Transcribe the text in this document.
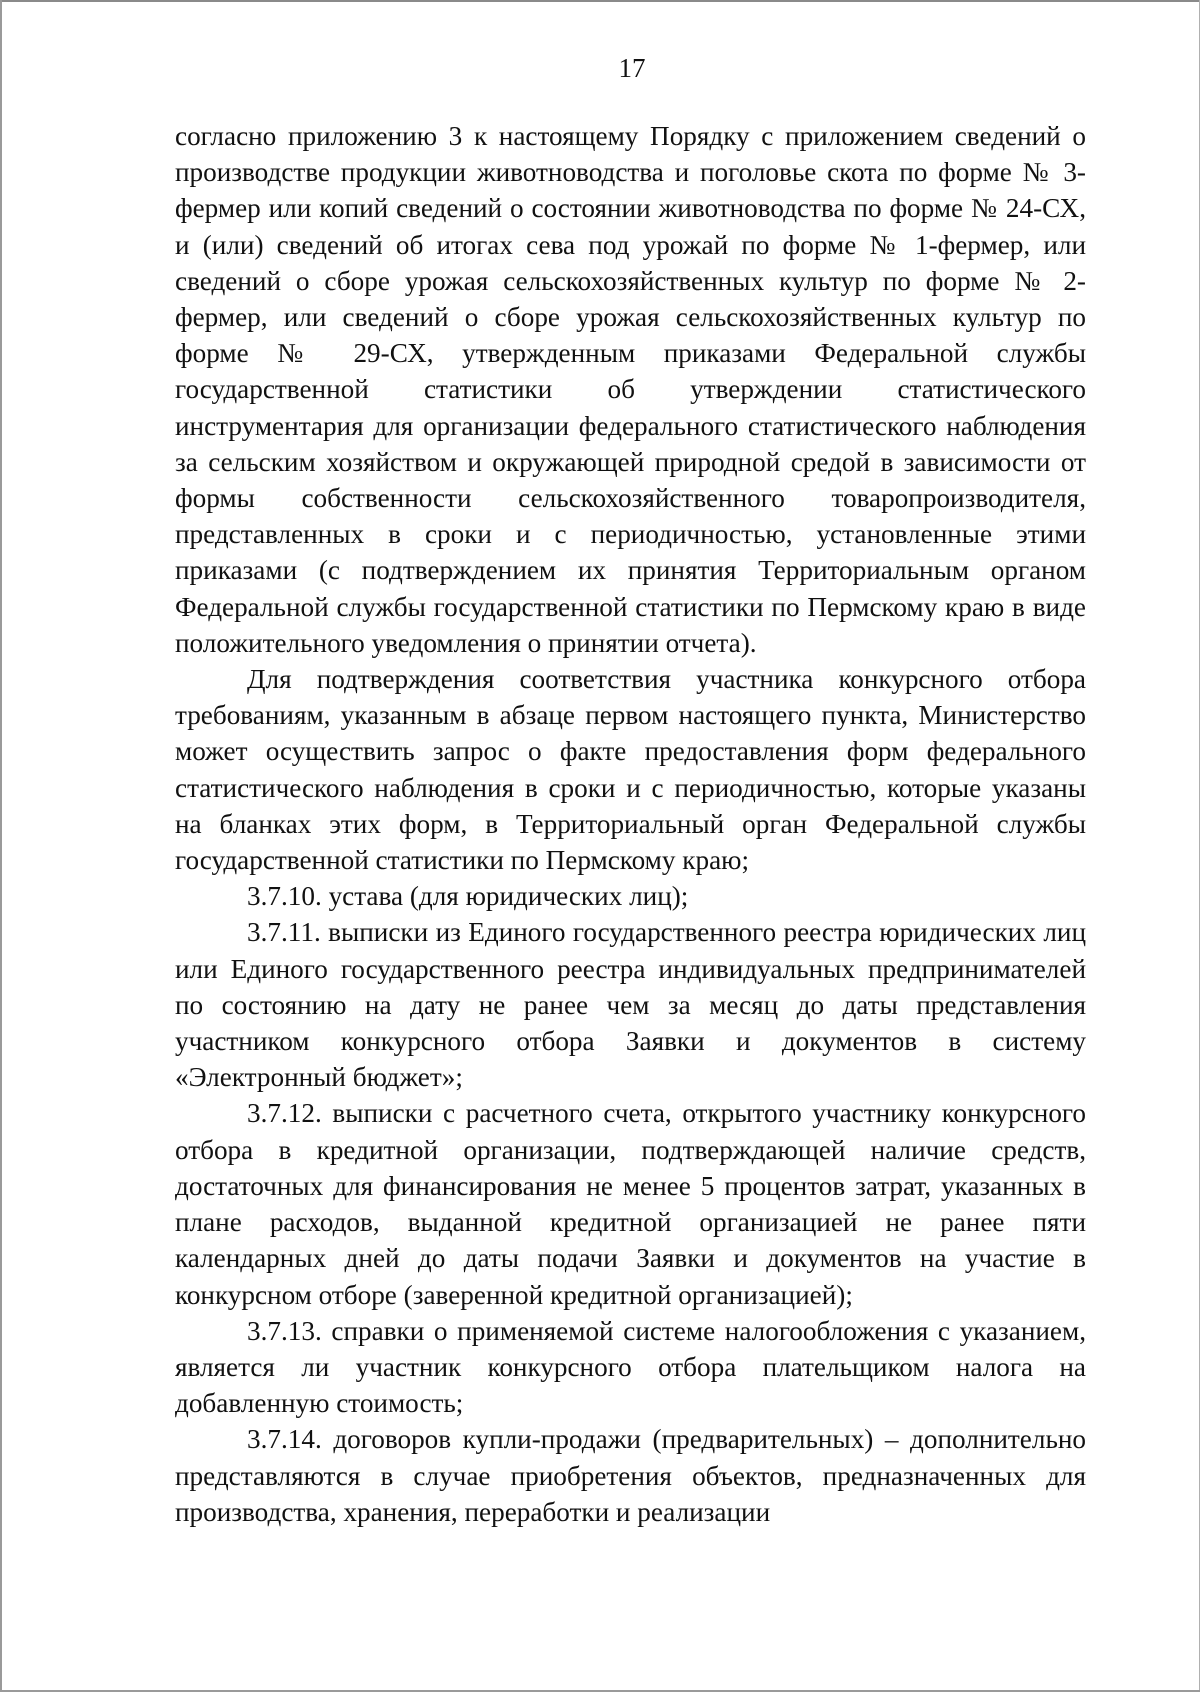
17

согласно приложению 3 к настоящему Порядку с приложением сведений о производстве продукции животноводства и поголовье скота по форме № 3-фермер или копий сведений о состоянии животноводства по форме № 24-СХ, и (или) сведений об итогах сева под урожай по форме № 1-фермер, или сведений о сборе урожая сельскохозяйственных культур по форме № 2-фермер, или сведений о сборе урожая сельскохозяйственных культур по форме № 29-СХ, утвержденным приказами Федеральной службы государственной статистики об утверждении статистического инструментария для организации федерального статистического наблюдения за сельским хозяйством и окружающей природной средой в зависимости от формы собственности сельскохозяйственного товаропроизводителя, представленных в сроки и с периодичностью, установленные этими приказами (с подтверждением их принятия Территориальным органом Федеральной службы государственной статистики по Пермскому краю в виде положительного уведомления о принятии отчета).

Для подтверждения соответствия участника конкурсного отбора требованиям, указанным в абзаце первом настоящего пункта, Министерство может осуществить запрос о факте предоставления форм федерального статистического наблюдения в сроки и с периодичностью, которые указаны на бланках этих форм, в Территориальный орган Федеральной службы государственной статистики по Пермскому краю;

3.7.10. устава (для юридических лиц);

3.7.11. выписки из Единого государственного реестра юридических лиц или Единого государственного реестра индивидуальных предпринимателей по состоянию на дату не ранее чем за месяц до даты представления участником конкурсного отбора Заявки и документов в систему «Электронный бюджет»;

3.7.12. выписки с расчетного счета, открытого участнику конкурсного отбора в кредитной организации, подтверждающей наличие средств, достаточных для финансирования не менее 5 процентов затрат, указанных в плане расходов, выданной кредитной организацией не ранее пяти календарных дней до даты подачи Заявки и документов на участие в конкурсном отборе (заверенной кредитной организацией);

3.7.13. справки о применяемой системе налогообложения с указанием, является ли участник конкурсного отбора плательщиком налога на добавленную стоимость;

3.7.14. договоров купли-продажи (предварительных) – дополнительно представляются в случае приобретения объектов, предназначенных для производства, хранения, переработки и реализации
